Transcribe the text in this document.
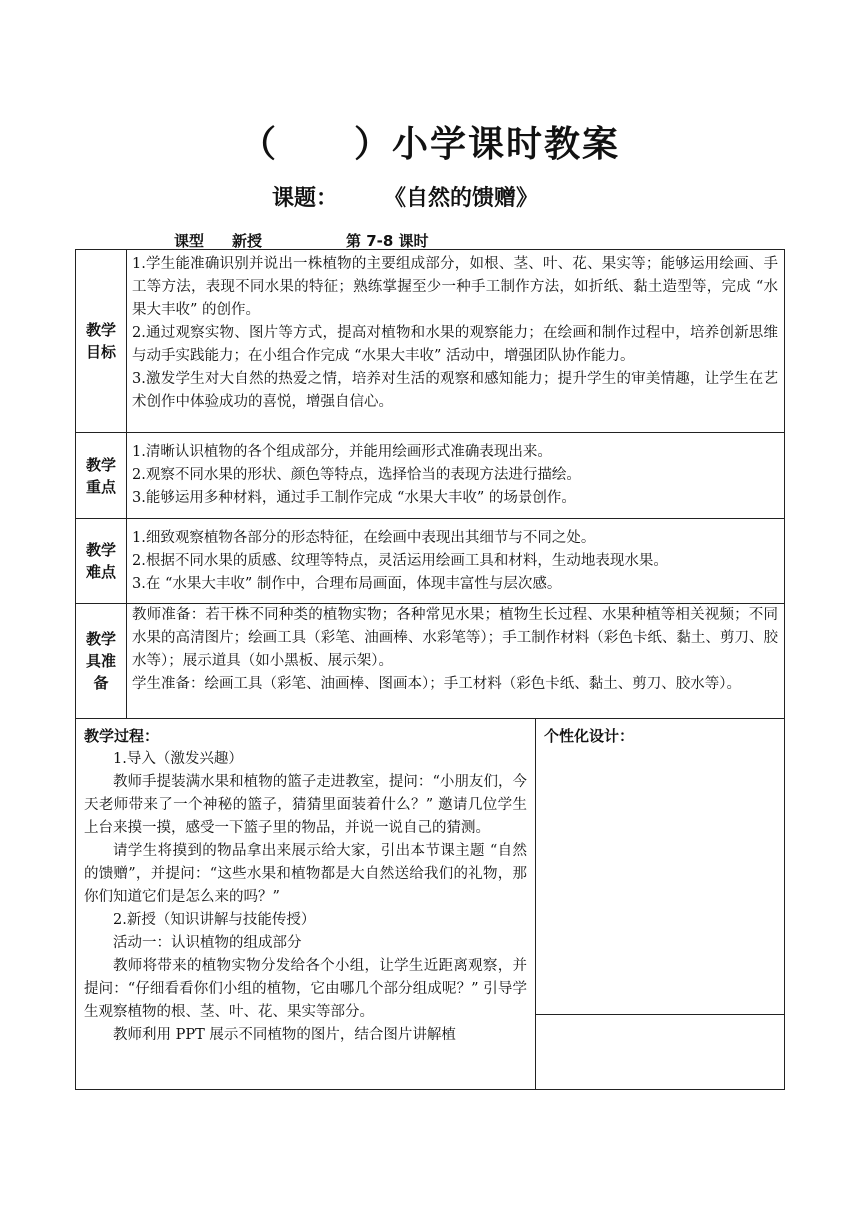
（　　）小学课时教案
课题： 《自然的馈赠》
课型 新授	第 7-8 课时
教学目标

1.学生能准确识别并说出一株植物的主要组成部分，如根、茎、叶、花、果实等；能够运用绘画、手工等方法，表现不同水果的特征；熟练掌握至少一种手工制作方法，如折纸、黏土造型等，完成 “水果大丰收” 的创作。

2.通过观察实物、图片等方式，提高对植物和水果的观察能力；在绘画和制作过程中，培养创新思维与动手实践能力；在小组合作完成 “水果大丰收” 活动中，增强团队协作能力。

3.激发学生对大自然的热爱之情，培养对生活的观察和感知能力；提升学生的审美情趣，让学生在艺术创作中体验成功的喜悦，增强自信心。

教学重点

1.清晰认识植物的各个组成部分，并能用绘画形式准确表现出来。

2.观察不同水果的形状、颜色等特点，选择恰当的表现方法进行描绘。

3.能够运用多种材料，通过手工制作完成 “水果大丰收” 的场景创作。

教学难点

1.细致观察植物各部分的形态特征，在绘画中表现出其细节与不同之处。

2.根据不同水果的质感、纹理等特点，灵活运用绘画工具和材料，生动地表现水果。

3.在 “水果大丰收” 制作中，合理布局画面，体现丰富性与层次感。

教学具准备

教师准备：若干株不同种类的植物实物；各种常见水果；植物生长过程、水果种植等相关视频；不同水果的高清图片；绘画工具（彩笔、油画棒、水彩笔等）；手工制作材料（彩色卡纸、黏土、剪刀、胶水等）；展示道具（如小黑板、展示架）。

学生准备：绘画工具（彩笔、油画棒、图画本）；手工材料（彩色卡纸、黏土、剪刀、胶水等）。

教学过程：

1.导入（激发兴趣）

教师手提装满水果和植物的篮子走进教室，提问：“小朋友们，今天老师带来了一个神秘的篮子，猜猜里面装着什么？” 邀请几位学生上台来摸一摸，感受一下篮子里的物品，并说一说自己的猜测。

请学生将摸到的物品拿出来展示给大家，引出本节课主题 “自然的馈赠”，并提问：“这些水果和植物都是大自然送给我们的礼物，那你们知道它们是怎么来的吗？”

2.新授（知识讲解与技能传授）

活动一：认识植物的组成部分

教师将带来的植物实物分发给各个小组，让学生近距离观察，并提问：“仔细看看你们小组的植物，它由哪几个部分组成呢？” 引导学生观察植物的根、茎、叶、花、果实等部分。

教师利用 PPT 展示不同植物的图片，结合图片讲解植

个性化设计：
